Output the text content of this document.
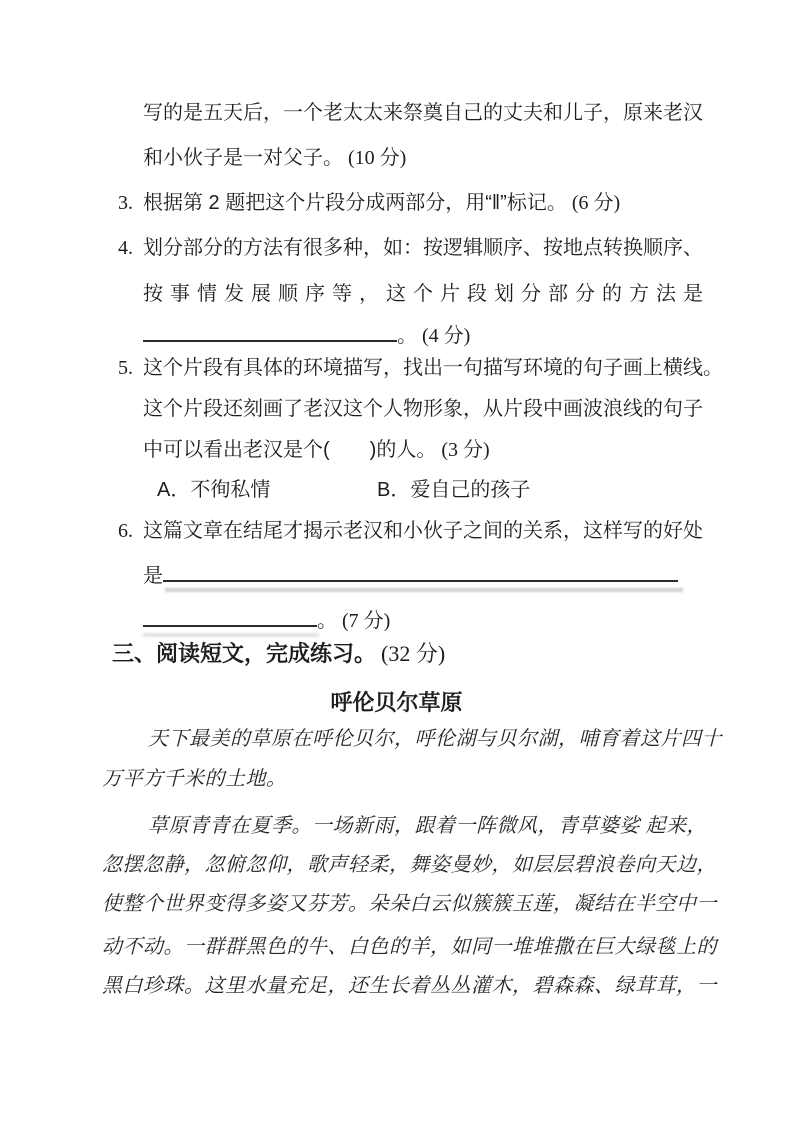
写的是五天后，一个老太太来祭奠自己的丈夫和儿子，原来老汉
和小伙子是一对父子。 (10 分)
3. 根据第 2 题把这个片段分成两部分，用“‖”标记。 (6 分)
4. 划分部分的方法有很多种，如：按逻辑顺序、按地点转换顺序、
按事情发展顺序等，这个片段划分部分的方法是
。 (4 分)
5. 这个片段有具体的环境描写，找出一句描写环境的句子画上横线。
这个片段还刻画了老汉这个人物形象，从片段中画波浪线的句子
中可以看出老汉是个(　　)的人。 (3 分)
A．不徇私情	B．爱自己的孩子
6. 这篇文章在结尾才揭示老汉和小伙子之间的关系，这样写的好处
是
。 (7 分)
三、阅读短文，完成练习。 (32 分)
呼伦贝尔草原
天下最美的草原在呼伦贝尔，呼伦湖与贝尔湖，哺育着这片四十
万平方千米的土地。
草原青青在夏季。一场新雨，跟着一阵微风，青草婆娑 起来，
忽摆忽静，忽俯忽仰，歌声轻柔，舞姿曼妙，如层层碧浪卷向天边，
使整个世界变得多姿又芬芳。朵朵白云似簇簇玉莲，凝结在半空中一
动不动。一群群黑色的牛、白色的羊，如同一堆堆撒在巨大绿毯上的
黑白珍珠。这里水量充足，还生长着丛丛灌木，碧森森、绿茸茸，一
